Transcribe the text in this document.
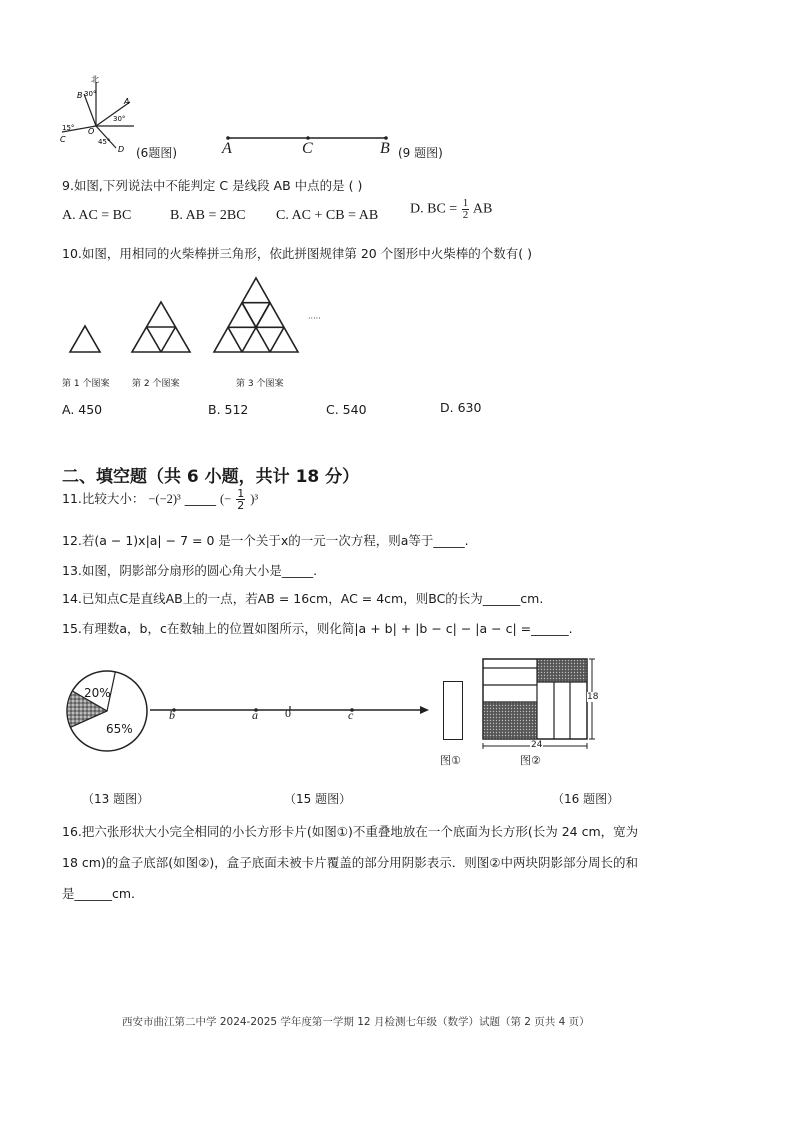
北
B 30°
A
30°
15°
C
O
45°
D (6题图)	A	C	B (9 题图)
9.如图,下列说法中不能判定 C 是线段 AB 中点的是 ( )
A. AC = BC	B. AB = 2BC C. AC + CB = AB D. BC = $\frac{1}{2}$ AB
10.如图，用相同的火柴棒拼三角形，依此拼图规律第 20 个图形中火柴棒的个数有( )
·····
第 1 个图案	第 2 个图案	第 3 个图案
A. 450	B. 512	C. 540	D. 630
二、填空题（共 6 小题，共计 18 分）
11.比较大小： −(−2)³ _____ (− $\frac{1}{2} )^3$
12.若(a − 1)x|a| − 7 = 0 是一个关于x的一元一次方程，则a等于_____.
13.如图，阴影部分扇形的圆心角大小是_____.
14.已知点C是直线AB上的一点，若AB = 16cm，AC = 4cm，则BC的长为______cm.
15.有理数a，b，c在数轴上的位置如图所示，则化简|a + b| + |b − c| − |a − c| =______.
20%
65%
b	a 0	c
图①
18
24
图②
（13 题图）	（15 题图）	（16 题图）
16.把六张形状大小完全相同的小长方形卡片(如图①)不重叠地放在一个底面为长方形(长为 24 cm，宽为
18 cm)的盒子底部(如图②)，盒子底面未被卡片覆盖的部分用阴影表示．则图②中两块阴影部分周长的和
是______cm.
西安市曲江第二中学 2024-2025 学年度第一学期 12 月检测七年级（数学）试题（第 2 页共 4 页）
